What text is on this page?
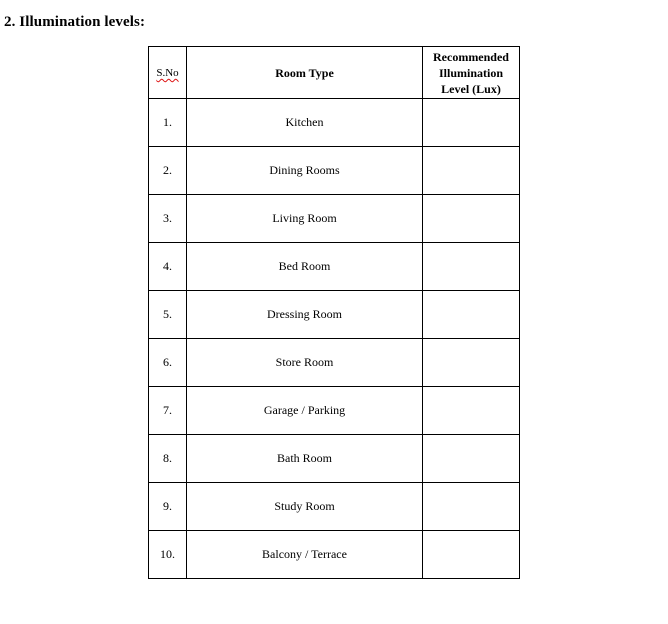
2. Illumination levels:
S.No	Room Type	Recommended
Illumination
Level (Lux)

1.	Kitchen	
2.	Dining Rooms	
3.	Living Room	
4.	Bed Room	
5.	Dressing Room	
6.	Store Room	
7.	Garage / Parking	
8.	Bath Room	
9.	Study Room	
10.	Balcony / Terrace	
